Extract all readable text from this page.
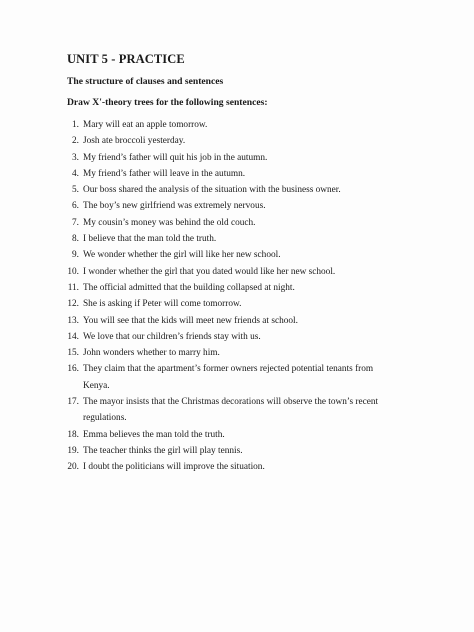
UNIT 5 - PRACTICE
The structure of clauses and sentences
Draw X'-theory trees for the following sentences:
1. Mary will eat an apple tomorrow.
2. Josh ate broccoli yesterday.
3. My friend’s father will quit his job in the autumn.
4. My friend’s father will leave in the autumn.
5. Our boss shared the analysis of the situation with the business owner.
6. The boy’s new girlfriend was extremely nervous.
7. My cousin’s money was behind the old couch.
8. I believe that the man told the truth.
9. We wonder whether the girl will like her new school.
10. I wonder whether the girl that you dated would like her new school.
11. The official admitted that the building collapsed at night.
12. She is asking if Peter will come tomorrow.
13. You will see that the kids will meet new friends at school.
14. We love that our children’s friends stay with us.
15. John wonders whether to marry him.
16. They claim that the apartment’s former owners rejected potential tenants from
Kenya.
17. The mayor insists that the Christmas decorations will observe the town’s recent
regulations.
18. Emma believes the man told the truth.
19. The teacher thinks the girl will play tennis.
20. I doubt the politicians will improve the situation.
